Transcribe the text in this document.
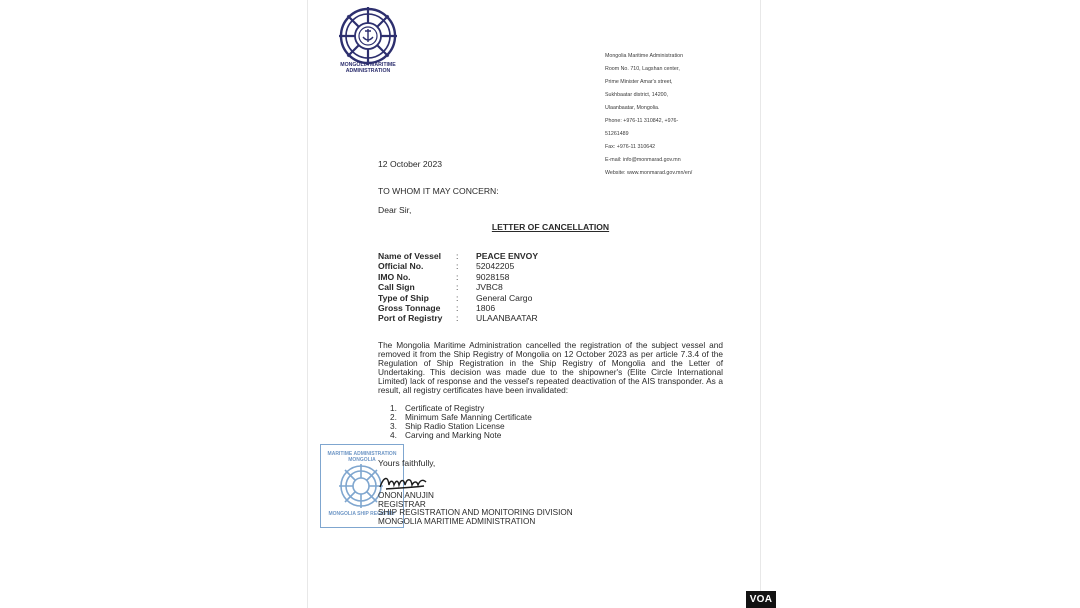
MONGOLIA MARITIME ADMINISTRATION

Mongolia Maritime Administration

Room No. 710, Lagshan center,

Prime Minister Amar's street,

Sukhbaatar district, 14200,

Ulaanbaatar, Mongolia.

Phone: +976-11 310842, +976-

51261489

Fax: +976-11 310642

E-mail: info@monmarad.gov.mn

Website: www.monmarad.gov.mn/en/

12 October 2023
TO WHOM IT MAY CONCERN:
Dear Sir,
LETTER OF CANCELLATION
Name of Vessel : PEACE ENVOY
Official No.	: 52042205
IMO No.	: 9028158
Call Sign	: JVBC8
Type of Ship	: General Cargo
Gross Tonnage : 1806
Port of Registry : ULAANBAATAR
The Mongolia Maritime Administration cancelled the registration of the subject vessel and removed it from the Ship Registry of Mongolia on 12 October 2023 as per article 7.3.4 of the Regulation of Ship Registration in the Ship Registry of Mongolia and the Letter of Undertaking. This decision was made due to the shipowner's (Elite Circle International Limited) lack of response and the vessel's repeated deactivation of the AIS transponder. As a result, all registry certificates have been invalidated:
1. Certificate of Registry
2. Minimum Safe Manning Certificate
3. Ship Radio Station License
4. Carving and Marking Note
MARITIME ADMINISTRATION MONGOLIA
MONGOLIA SHIP REGISTRY
Yours faithfully,
ONON ANUJIN
REGISTRAR
SHIP REGISTRATION AND MONITORING DIVISION
MONGOLIA MARITIME ADMINISTRATION
VOA
